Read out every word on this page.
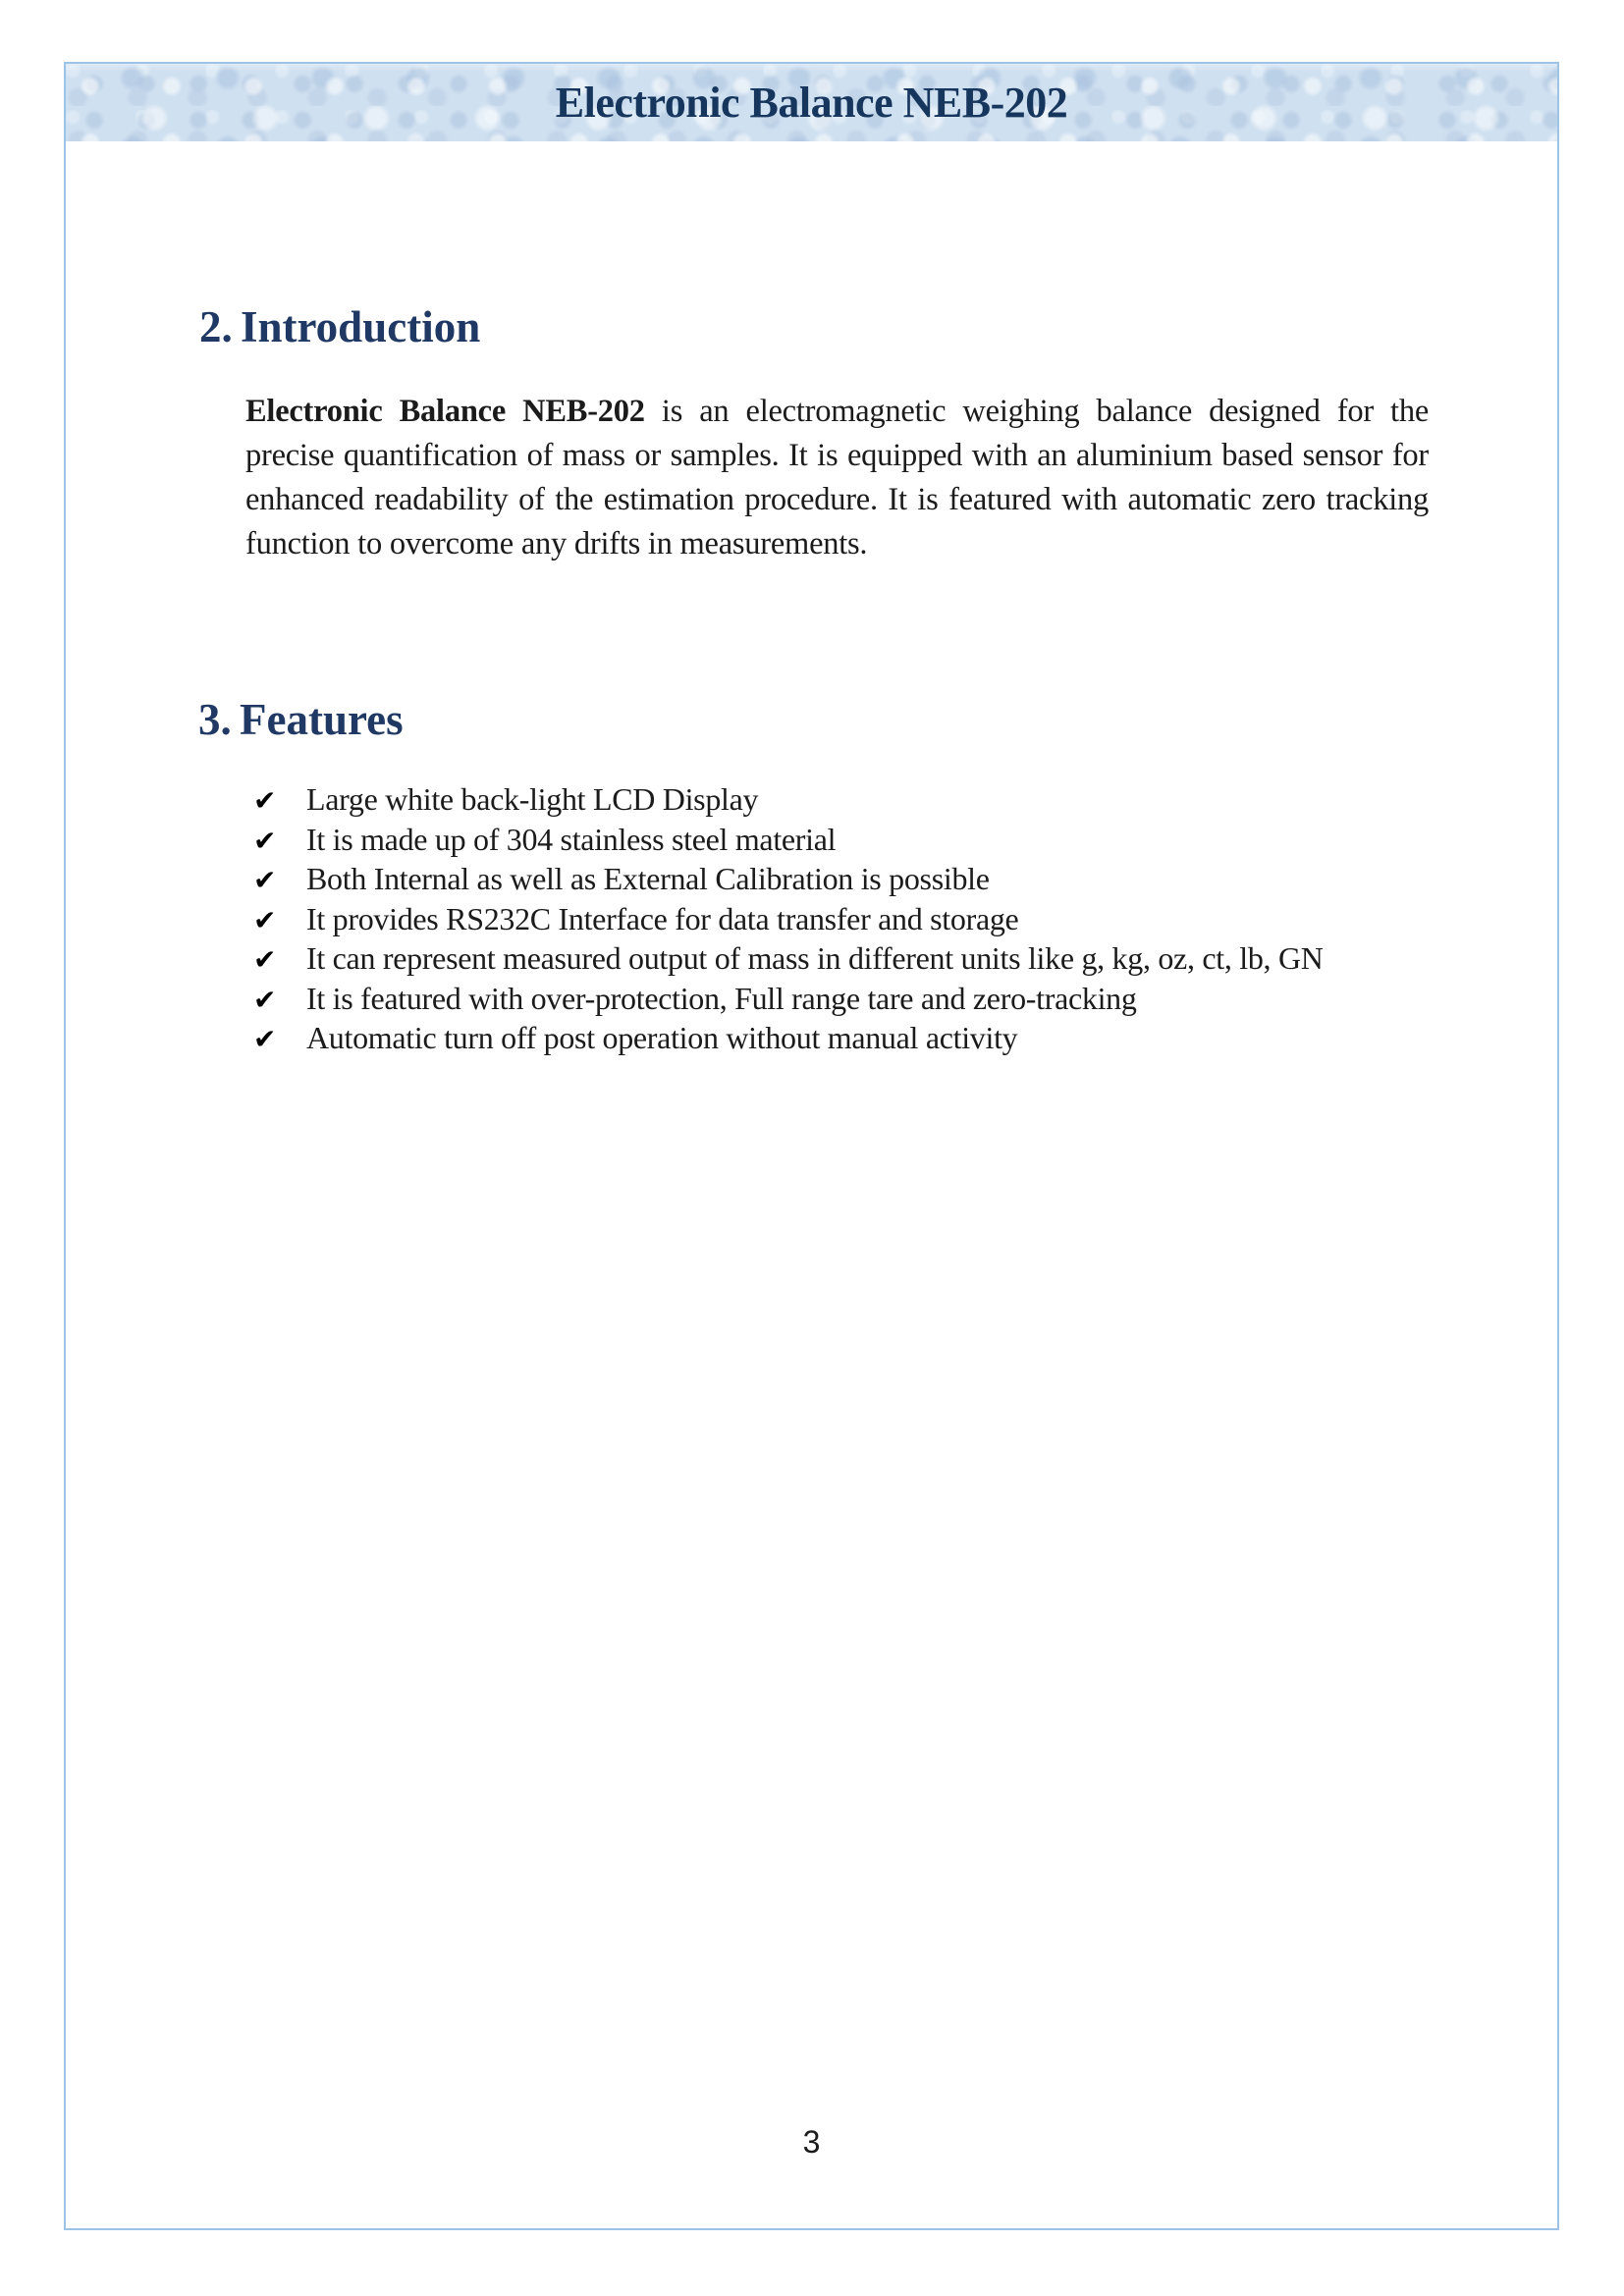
Electronic Balance NEB-202
2. Introduction

Electronic Balance NEB-202 is an electromagnetic weighing balance designed for the precise quantification of mass or samples. It is equipped with an aluminium based sensor for enhanced readability of the estimation procedure. It is featured with automatic zero tracking function to overcome any drifts in measurements.

3. Features
✔ Large white back-light LCD Display
✔ It is made up of 304 stainless steel material
✔ Both Internal as well as External Calibration is possible
✔ It provides RS232C Interface for data transfer and storage
✔ It can represent measured output of mass in different units like g, kg, oz, ct, lb, GN
✔ It is featured with over-protection, Full range tare and zero-tracking
✔ Automatic turn off post operation without manual activity
3
